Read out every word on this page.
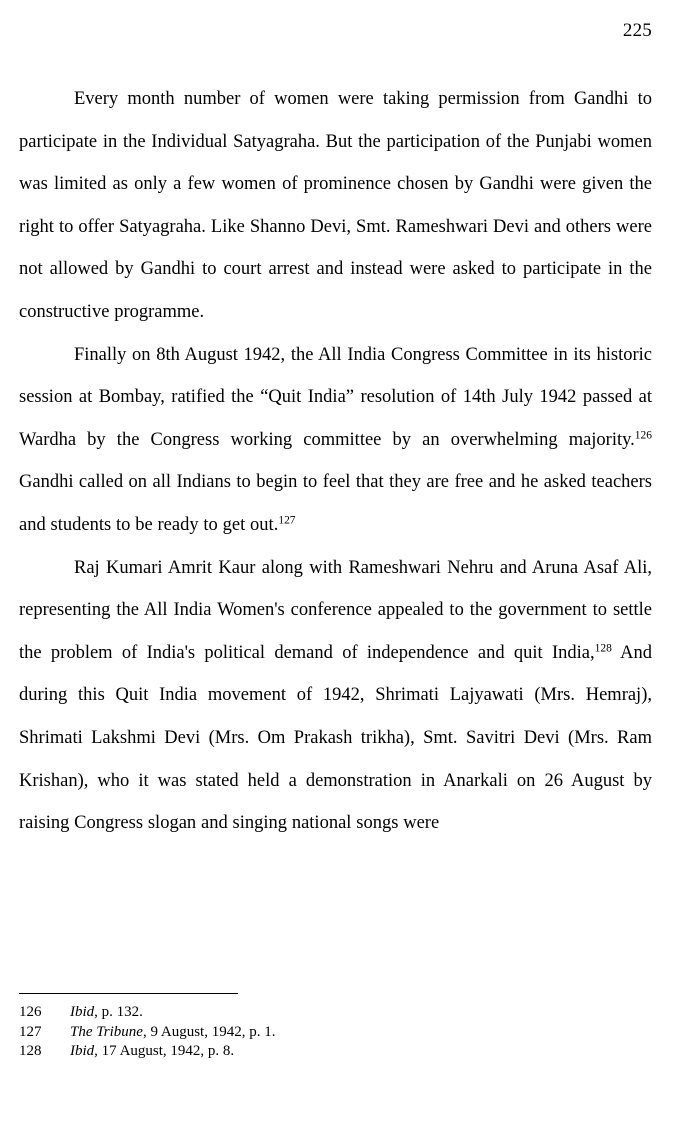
225

Every month number of women were taking permission from Gandhi to participate in the Individual Satyagraha. But the participation of the Punjabi women was limited as only a few women of prominence chosen by Gandhi were given the right to offer Satyagraha. Like Shanno Devi, Smt. Rameshwari Devi and others were not allowed by Gandhi to court arrest and instead were asked to participate in the constructive programme.

Finally on 8th August 1942, the All India Congress Committee in its historic session at Bombay, ratified the “Quit India” resolution of 14th July 1942 passed at Wardha by the Congress working committee by an overwhelming majority.$^{126}$ Gandhi called on all Indians to begin to feel that they are free and he asked teachers and students to be ready to get out.$^{127}$

Raj Kumari Amrit Kaur along with Rameshwari Nehru and Aruna Asaf Ali, representing the All India Women's conference appealed to the government to settle the problem of India's political demand of independence and quit India,$^{128}$ And during this Quit India movement of 1942, Shrimati Lajyawati (Mrs. Hemraj), Shrimati Lakshmi Devi (Mrs. Om Prakash trikha), Smt. Savitri Devi (Mrs. Ram Krishan), who it was stated held a demonstration in Anarkali on 26 August by raising Congress slogan and singing national songs were

126 Ibid, p. 132.
127 The Tribune, 9 August, 1942, p. 1.
128 Ibid, 17 August, 1942, p. 8.
